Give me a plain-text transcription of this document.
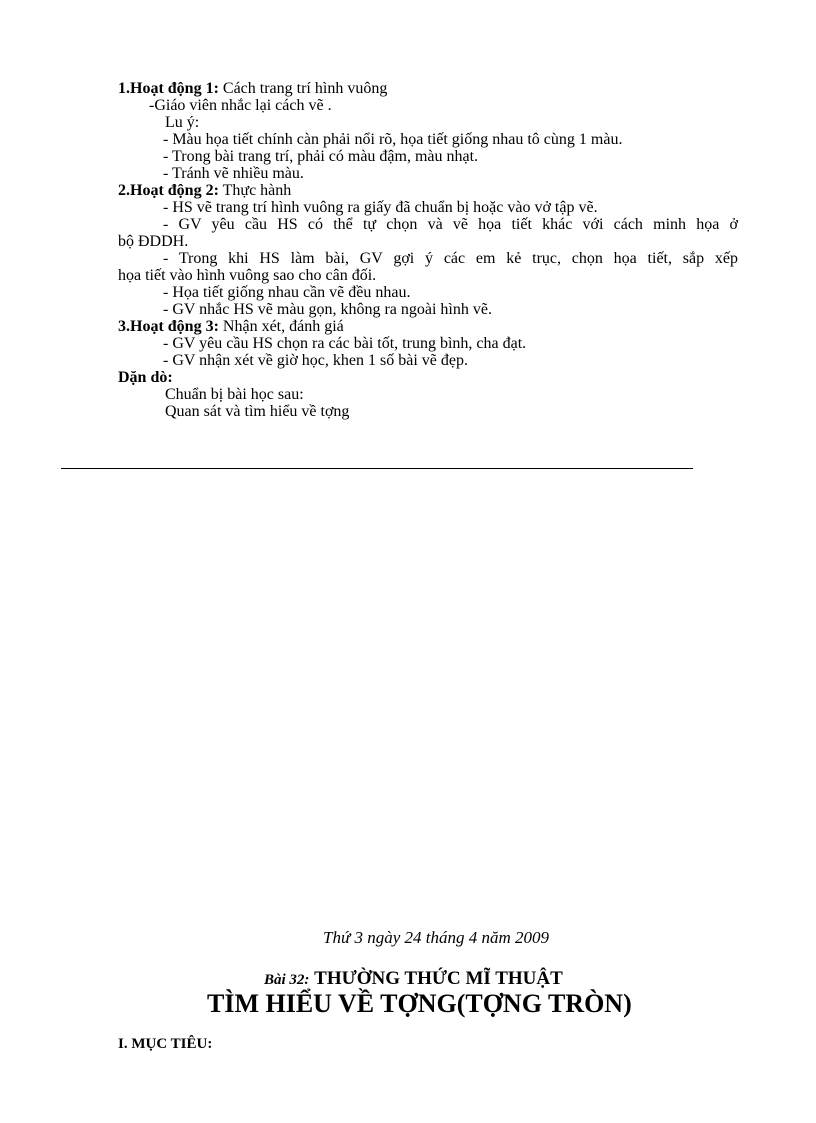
1.Hoạt động 1: Cách trang trí hình vuông
-Giáo viên nhắc lại cách vẽ .
Lu ý:
- Màu họa tiết chính càn phải nổi rõ, họa tiết giống nhau tô cùng 1 màu.
- Trong bài trang trí, phải có màu đậm, màu nhạt.
- Tránh vẽ nhiều màu.
2.Hoạt động 2: Thực hành
- HS vẽ trang trí hình vuông ra giấy đã chuẩn bị hoặc vào vở tập vẽ.
- GV yêu cầu HS có thể tự chọn và vẽ họa tiết khác với cách minh họa ở
bộ ĐDDH.
- Trong khi HS làm bài, GV gợi ý các em kẻ trục, chọn họa tiết, sắp xếp
họa tiết vào hình vuông sao cho cân đối.
- Họa tiết giống nhau cần vẽ đều nhau.
- GV nhắc HS vẽ màu gọn, không ra ngoài hình vẽ.
3.Hoạt động 3: Nhận xét, đánh giá
- GV yêu cầu HS chọn ra các bài tốt, trung bình, cha đạt.
- GV nhận xét về giờ học, khen 1 số bài vẽ đẹp.
Dặn dò:
Chuẩn bị bài học sau:
Quan sát và tìm hiểu về tợng
Thứ 3 ngày 24 tháng 4 năm 2009
Bài 32: THƯỜNG THỨC MĨ THUẬT
TÌM HIỂU VỀ TỢNG(TỢNG TRÒN)
I. MỤC TIÊU:
